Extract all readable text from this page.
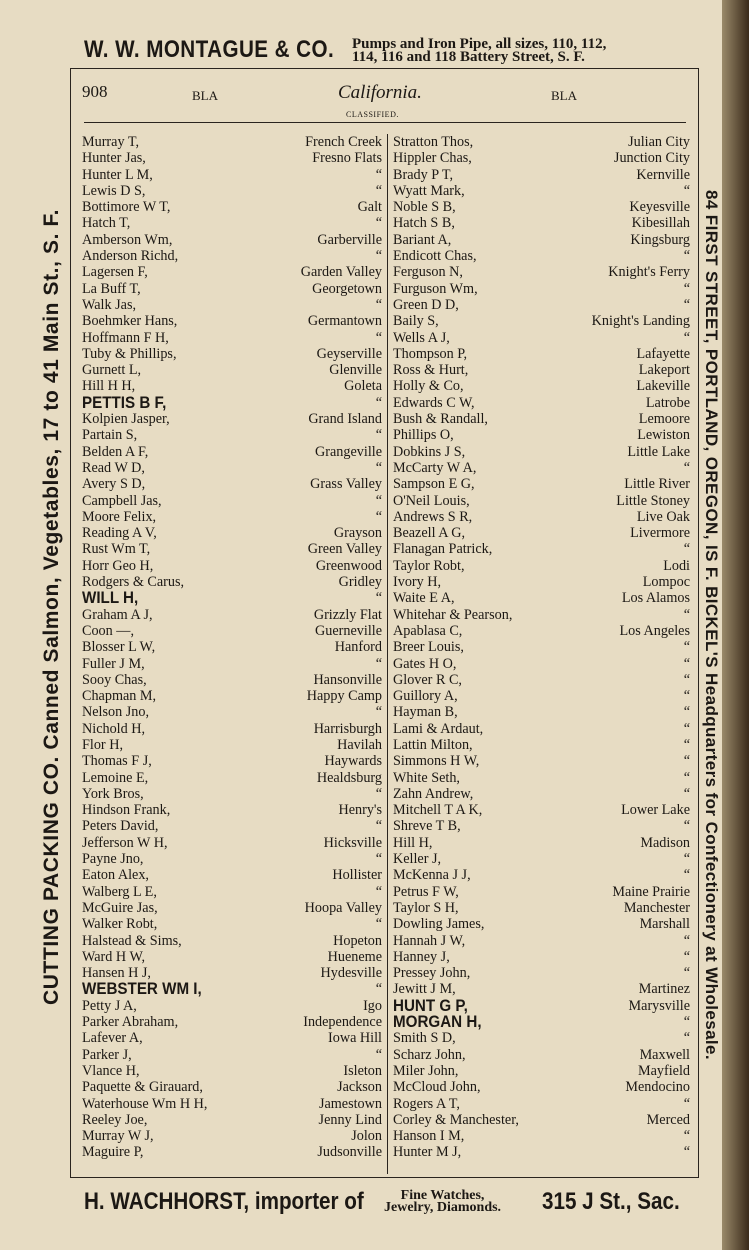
W. W. MONTAGUE & CO. Pumps and Iron Pipe, all sizes, 110, 112,
114, 116 and 118 Battery Street, S. F.
CUTTING PACKING CO. Canned Salmon, Vegetables, 17 to 41 Main St., S. F.	84 FIRST STREET, PORTLAND, OREGON, IS F. BICKEL'S Headquarters for Confectionery at Wholesale.
908	BLA	California.
CLASSIFIED.
BLA
Murray T,	French Creek
Hunter Jas,	Fresno Flats
Hunter L M,	“
Lewis D S,	“
Bottimore W T,	Galt
Hatch T,	“
Amberson Wm,	Garberville
Anderson Richd,	“
Lagersen F,	Garden Valley
La Buff T,	Georgetown
Walk Jas,	“
Boehmker Hans,	Germantown
Hoffmann F H,	“
Tuby & Phillips,	Geyserville
Gurnett L,	Glenville
Hill H H,	Goleta
PETTIS B F,	“
Kolpien Jasper,	Grand Island
Partain S,	“
Belden A F,	Grangeville
Read W D,	“
Avery S D,	Grass Valley
Campbell Jas,	“
Moore Felix,	“
Reading A V,	Grayson
Rust Wm T,	Green Valley
Horr Geo H,	Greenwood
Rodgers & Carus,	Gridley
WILL H,	“
Graham A J,	Grizzly Flat
Coon —,	Guerneville
Blosser L W,	Hanford
Fuller J M,	“
Sooy Chas,	Hansonville
Chapman M,	Happy Camp
Nelson Jno,	“
Nichold H,	Harrisburgh
Flor H,	Havilah
Thomas F J,	Haywards
Lemoine E,	Healdsburg
York Bros,	“
Hindson Frank,	Henry's
Peters David,	“
Jefferson W H,	Hicksville
Payne Jno,	“
Eaton Alex,	Hollister
Walberg L E,	“
McGuire Jas,	Hoopa Valley
Walker Robt,	“
Halstead & Sims,	Hopeton
Ward H W,	Hueneme
Hansen H J,	Hydesville
WEBSTER WM I,	“
Petty J A,	Igo
Parker Abraham,	Independence
Lafever A,	Iowa Hill
Parker J,	“
Vlance H,	Isleton
Paquette & Girauard,	Jackson
Waterhouse Wm H H,	Jamestown
Reeley Joe,	Jenny Lind
Murray W J,	Jolon
Maguire P,	Judsonville
Stratton Thos,	Julian City
Hippler Chas,	Junction City
Brady P T,	Kernville
Wyatt Mark,	“
Noble S B,	Keyesville
Hatch S B,	Kibesillah
Bariant A,	Kingsburg
Endicott Chas,	“
Ferguson N,	Knight's Ferry
Furguson Wm,	“
Green D D,	“
Baily S,	Knight's Landing
Wells A J,	“
Thompson P,	Lafayette
Ross & Hurt,	Lakeport
Holly & Co,	Lakeville
Edwards C W,	Latrobe
Bush & Randall,	Lemoore
Phillips O,	Lewiston
Dobkins J S,	Little Lake
McCarty W A,	“
Sampson E G,	Little River
O'Neil Louis,	Little Stoney
Andrews S R,	Live Oak
Beazell A G,	Livermore
Flanagan Patrick,	“
Taylor Robt,	Lodi
Ivory H,	Lompoc
Waite E A,	Los Alamos
Whitehar & Pearson,	“
Apablasa C,	Los Angeles
Breer Louis,	“
Gates H O,	“
Glover R C,	“
Guillory A,	“
Hayman B,	“
Lami & Ardaut,	“
Lattin Milton,	“
Simmons H W,	“
White Seth,	“
Zahn Andrew,	“
Mitchell T A K,	Lower Lake
Shreve T B,	“
Hill H,	Madison
Keller J,	“
McKenna J J,	“
Petrus F W,	Maine Prairie
Taylor S H,	Manchester
Dowling James,	Marshall
Hannah J W,	“
Hanney J,	“
Pressey John,	“
Jewitt J M,	Martinez
HUNT G P,	Marysville
MORGAN H,	“
Smith S D,	“
Scharz John,	Maxwell
Miler John,	Mayfield
McCloud John,	Mendocino
Rogers A T,	“
Corley & Manchester,	Merced
Hanson I M,	“
Hunter M J,	“
H. WACHHORST, importer of	Fine Watches,
Jewelry, Diamonds. 315 J St., Sac.
